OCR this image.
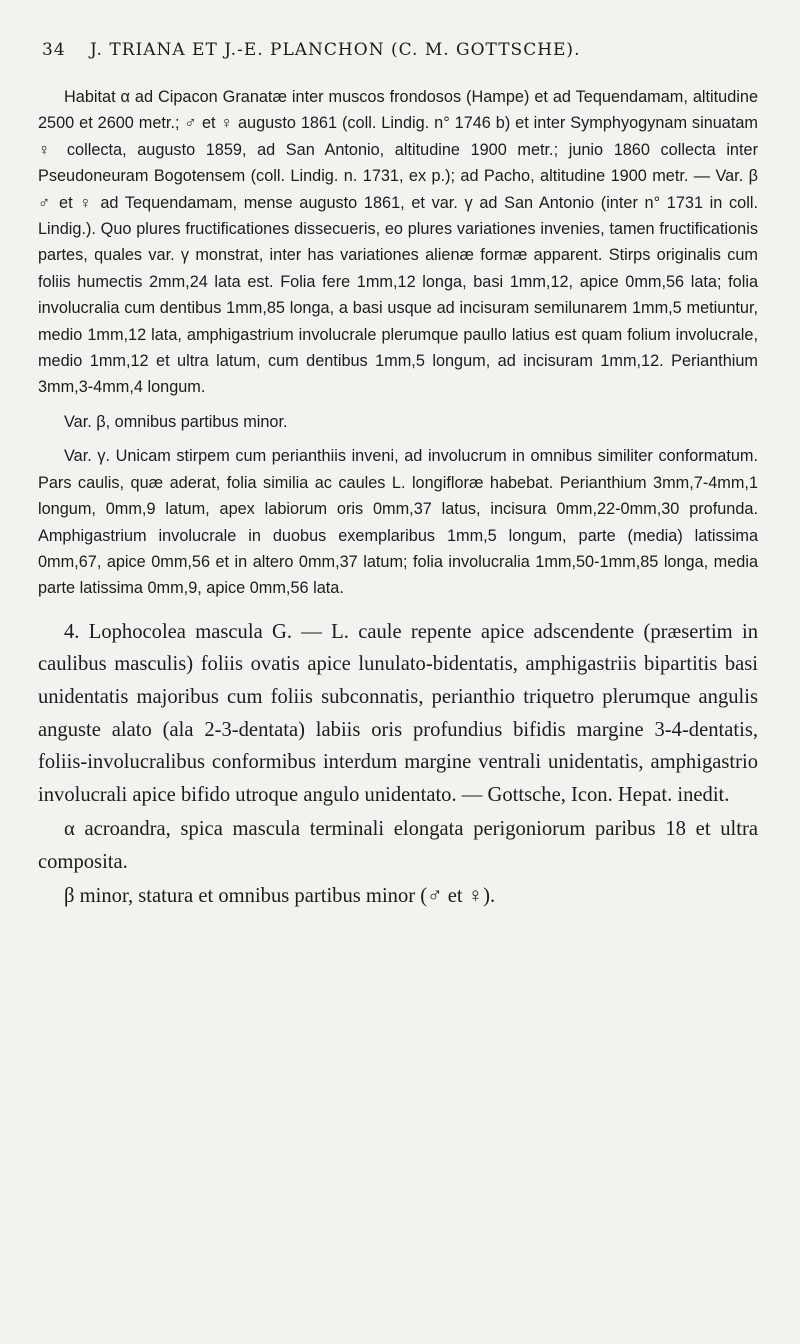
34 J. TRIANA ET J.-E. PLANCHON (C. M. GOTTSCHE).

Habitat α ad Cipacon Granatæ inter muscos frondosos (Hampe) et ad Tequendamam, altitudine 2500 et 2600 metr.; ♂ et ♀ augusto 1861 (coll. Lindig. n° 1746 b) et inter Symphyogynam sinuatam ♀ collecta, augusto 1859, ad San Antonio, altitudine 1900 metr.; junio 1860 collecta inter Pseudoneuram Bogotensem (coll. Lindig. n. 1731, ex p.); ad Pacho, altitudine 1900 metr. — Var. β ♂ et ♀ ad Tequendamam, mense augusto 1861, et var. γ ad San Antonio (inter n° 1731 in coll. Lindig.). Quo plures fructificationes dissecueris, eo plures variationes invenies, tamen fructificationis partes, quales var. γ monstrat, inter has variationes alienæ formæ apparent. Stirps originalis cum foliis humectis 2mm,24 lata est. Folia fere 1mm,12 longa, basi 1mm,12, apice 0mm,56 lata; folia involucralia cum dentibus 1mm,85 longa, a basi usque ad incisuram semilunarem 1mm,5 metiuntur, medio 1mm,12 lata, amphigastrium involucrale plerumque paullo latius est quam folium involucrale, medio 1mm,12 et ultra latum, cum dentibus 1mm,5 longum, ad incisuram 1mm,12. Perianthium 3mm,3-4mm,4 longum.

Var. β, omnibus partibus minor.

Var. γ. Unicam stirpem cum perianthiis inveni, ad involucrum in omnibus similiter conformatum. Pars caulis, quæ aderat, folia similia ac caules L. longifloræ habebat. Perianthium 3mm,7-4mm,1 longum, 0mm,9 latum, apex labiorum oris 0mm,37 latus, incisura 0mm,22-0mm,30 profunda. Amphigastrium involucrale in duobus exemplaribus 1mm,5 longum, parte (media) latissima 0mm,67, apice 0mm,56 et in altero 0mm,37 latum; folia involucralia 1mm,50-1mm,85 longa, media parte latissima 0mm,9, apice 0mm,56 lata.

4. Lophocolea mascula G. — L. caule repente apice adscendente (præsertim in caulibus masculis) foliis ovatis apice lunulato-bidentatis, amphigastriis bipartitis basi unidentatis majoribus cum foliis subconnatis, perianthio triquetro plerumque angulis anguste alato (ala 2-3-dentata) labiis oris profundius bifidis margine 3-4-dentatis, foliis-involucralibus conformibus interdum margine ventrali unidentatis, amphigastrio involucrali apice bifido utroque angulo unidentato. — Gottsche, Icon. Hepat. inedit.

α acroandra, spica mascula terminali elongata perigoniorum paribus 18 et ultra composita.

β minor, statura et omnibus partibus minor (♂ et ♀).
